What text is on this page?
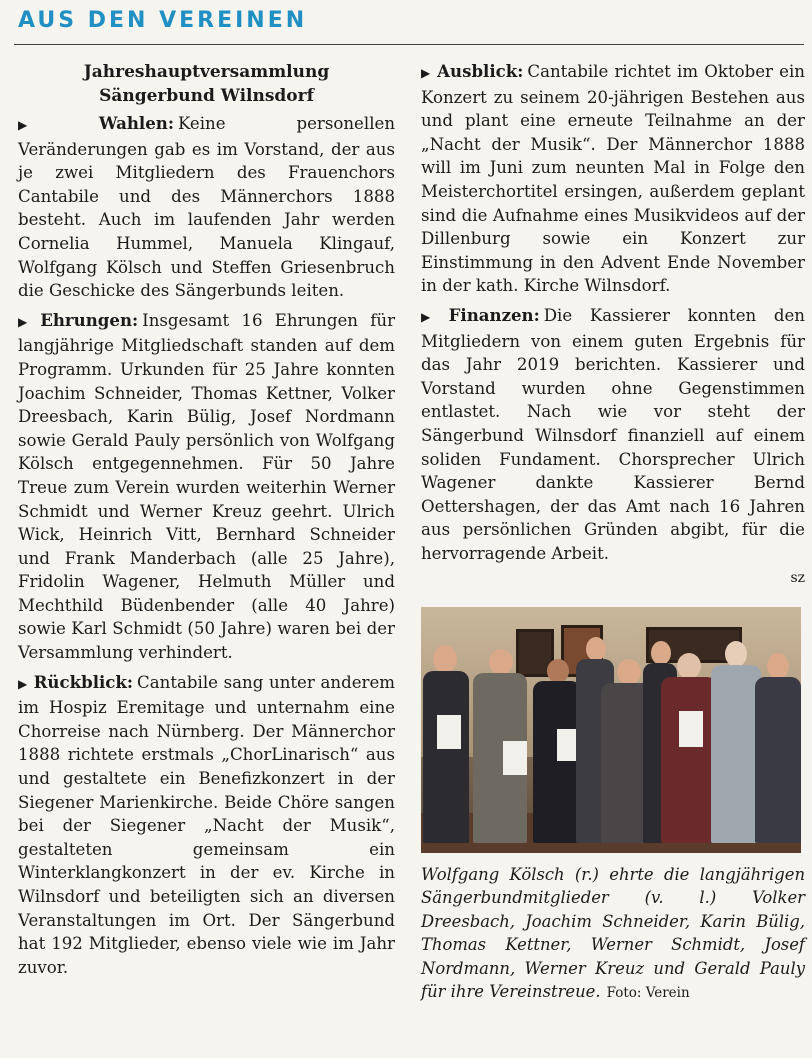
AUS DEN VEREINEN
Jahreshauptversammlung
Sängerbund Wilnsdorf

▶ Wahlen: Keine personellen Veränderungen gab es im Vorstand, der aus je zwei Mitgliedern des Frauenchors Cantabile und des Männerchors 1888 besteht. Auch im laufenden Jahr werden Cornelia Hummel, Manuela Klingauf, Wolfgang Kölsch und Steffen Griesenbruch die Geschicke des Sängerbunds leiten.

▶ Ehrungen: Insgesamt 16 Ehrungen für langjährige Mitgliedschaft standen auf dem Programm. Urkunden für 25 Jahre konnten Joachim Schneider, Thomas Kettner, Volker Dreesbach, Karin Bülig, Josef Nordmann sowie Gerald Pauly persönlich von Wolfgang Kölsch entgegennehmen. Für 50 Jahre Treue zum Verein wurden weiterhin Werner Schmidt und Werner Kreuz geehrt. Ulrich Wick, Heinrich Vitt, Bernhard Schneider und Frank Manderbach (alle 25 Jahre), Fridolin Wagener, Helmuth Müller und Mechthild Büdenbender (alle 40 Jahre) sowie Karl Schmidt (50 Jahre) waren bei der Versammlung verhindert.

▶ Rückblick: Cantabile sang unter anderem im Hospiz Eremitage und unternahm eine Chorreise nach Nürnberg. Der Männerchor 1888 richtete erstmals „ChorLinarisch“ aus und gestaltete ein Benefizkonzert in der Siegener Marienkirche. Beide Chöre sangen bei der Siegener „Nacht der Musik“, gestalteten gemeinsam ein Winterklangkonzert in der ev. Kirche in Wilnsdorf und beteiligten sich an diversen Veranstaltungen im Ort. Der Sängerbund hat 192 Mitglieder, ebenso viele wie im Jahr zuvor.

▶ Ausblick: Cantabile richtet im Oktober ein Konzert zu seinem 20-jährigen Bestehen aus und plant eine erneute Teilnahme an der „Nacht der Musik“. Der Männerchor 1888 will im Juni zum neunten Mal in Folge den Meisterchortitel ersingen, außerdem geplant sind die Aufnahme eines Musikvideos auf der Dillenburg sowie ein Konzert zur Einstimmung in den Advent Ende November in der kath. Kirche Wilnsdorf.

▶ Finanzen: Die Kassierer konnten den Mitgliedern von einem guten Ergebnis für das Jahr 2019 berichten. Kassierer und Vorstand wurden ohne Gegenstimmen entlastet. Nach wie vor steht der Sängerbund Wilnsdorf finanziell auf einem soliden Fundament. Chorsprecher Ulrich Wagener dankte Kassierer Bernd Oettershagen, der das Amt nach 16 Jahren aus persönlichen Gründen abgibt, für die hervorragende Arbeit.

sz
Wolfgang Kölsch (r.) ehrte die langjährigen Sängerbundmitglieder (v. l.) Volker Dreesbach, Joachim Schneider, Karin Bülig, Thomas Kettner, Werner Schmidt, Josef Nordmann, Werner Kreuz und Gerald Pauly für ihre Vereinstreue. Foto: Verein
